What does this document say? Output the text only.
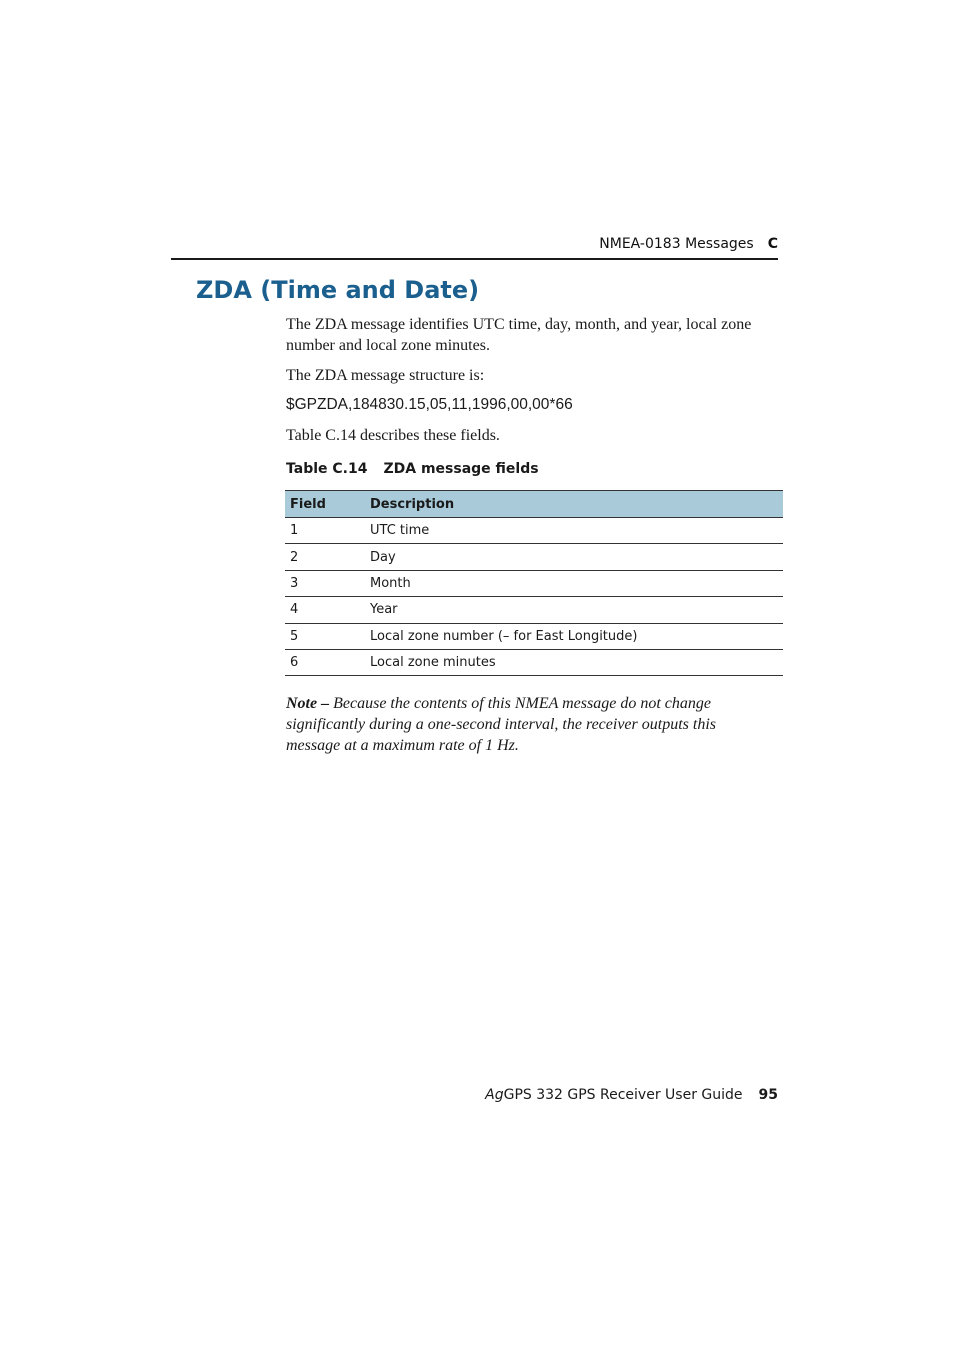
NMEA-0183 Messages C
ZDA (Time and Date)

The ZDA message identifies UTC time, day, month, and year, local zone number and local zone minutes.

The ZDA message structure is:

$GPZDA,184830.15,05,11,1996,00,00*66

Table C.14 describes these fields.

Table C.14 ZDA message fields
Field	Description
1	UTC time
2	Day
3	Month
4	Year
5	Local zone number (– for East Longitude)
6	Local zone minutes

Note – Because the contents of this NMEA message do not change significantly during a one-second interval, the receiver outputs this message at a maximum rate of 1 Hz.

AgGPS 332 GPS Receiver User Guide 95
